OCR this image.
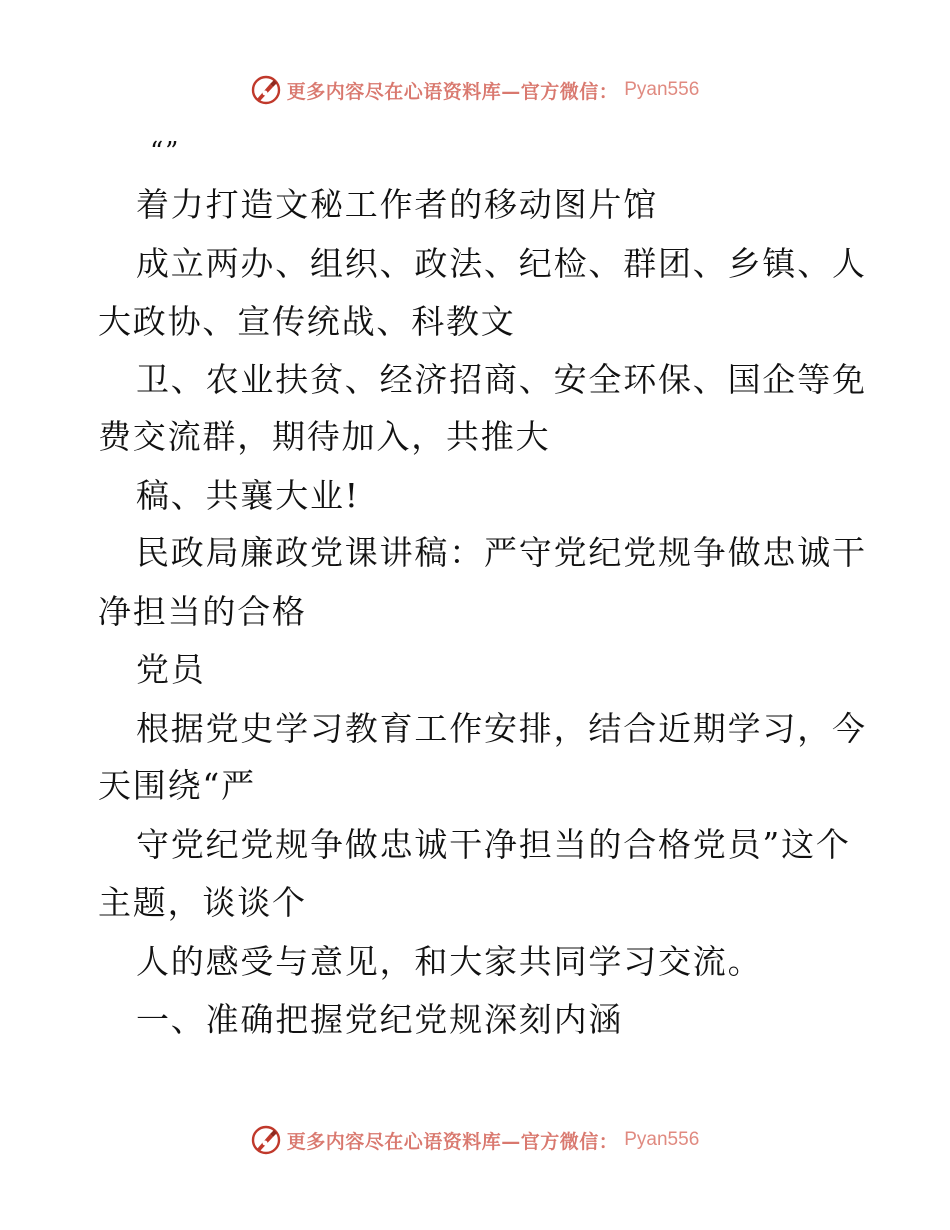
更多内容尽在心语资料库—官方微信： Pyan556
“”
着力打造文秘工作者的移动图片馆
成立两办、组织、政法、纪检、群团、乡镇、人
大政协、宣传统战、科教文
卫、农业扶贫、经济招商、安全环保、国企等免
费交流群，期待加入，共推大
稿、共襄大业!
民政局廉政党课讲稿：严守党纪党规争做忠诚干
净担当的合格
党员
根据党史学习教育工作安排，结合近期学习，今
天围绕“严
守党纪党规争做忠诚干净担当的合格党员”这个
主题，谈谈个
人的感受与意见，和大家共同学习交流。
一、准确把握党纪党规深刻内涵
更多内容尽在心语资料库—官方微信： Pyan556
